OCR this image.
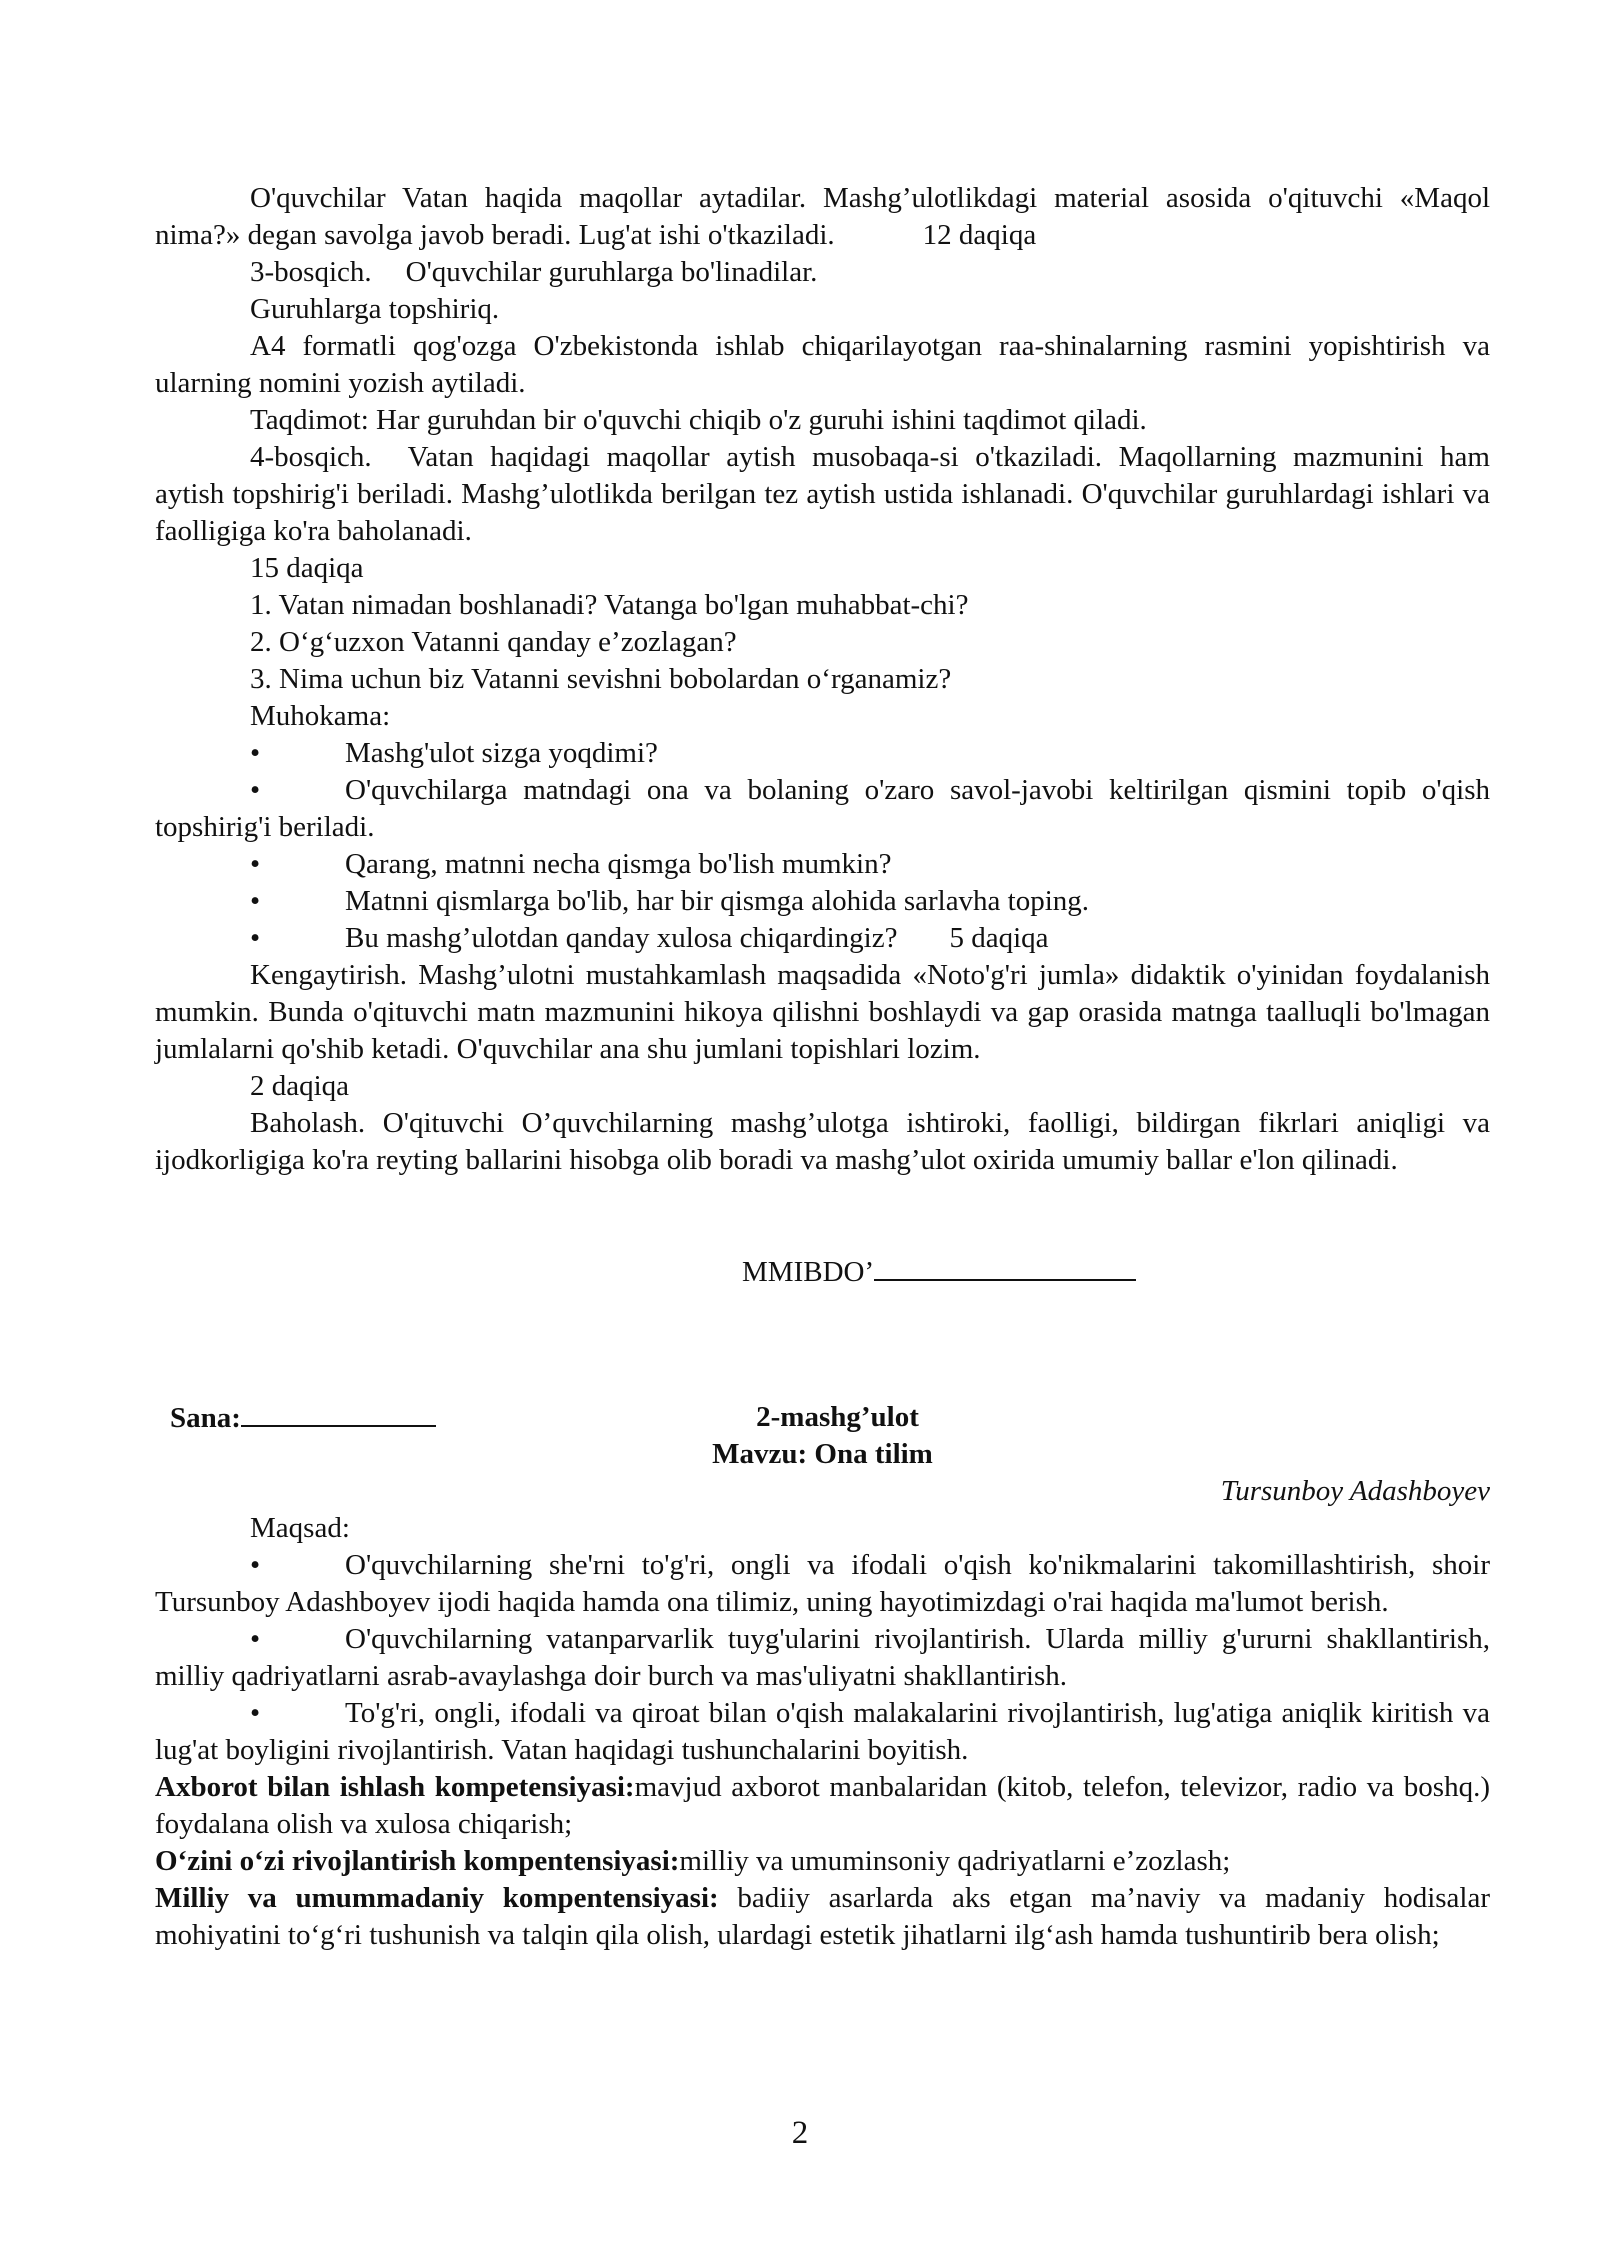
O'quvchilar Vatan haqida maqollar aytadilar. Mashg’ulotlikdagi material asosida o'qituvchi «Maqol nima?» degan savolga javob beradi. Lug'at ishi o'tkaziladi.	12 daqiqa

3-bosqich. O'quvchilar guruhlarga bo'linadilar.

Guruhlarga topshiriq.

A4 formatli qog'ozga O'zbekistonda ishlab chiqarilayotgan raa-shinalarning rasmini yopishtirish va ularning nomini yozish aytiladi.

Taqdimot: Har guruhdan bir o'quvchi chiqib o'z guruhi ishini taqdimot qiladi.

4-bosqich. Vatan haqidagi maqollar aytish musobaqa-si o'tkaziladi. Maqollarning mazmunini ham aytish topshirig'i beriladi. Mashg’ulotlikda berilgan tez aytish ustida ishlanadi. O'quvchilar guruhlardagi ishlari va faolligiga ko'ra baholanadi.

15 daqiqa

1. Vatan nimadan boshlanadi? Vatanga bo'lgan muhabbat-chi?

2. O‘g‘uzxon Vatanni qanday e’zozlagan?

3. Nima uchun biz Vatanni sevishni bobolardan o‘rganamiz?

Muhokama:

•	Mashg'ulot sizga yoqdimi?

•	O'quvchilarga matndagi ona va bolaning o'zaro savol-javobi keltirilgan qismini topib o'qish topshirig'i beriladi.

•	Qarang, matnni necha qismga bo'lish mumkin?

•	Matnni qismlarga bo'lib, har bir qismga alohida sarlavha toping.

•	Bu mashg’ulotdan qanday xulosa chiqardingiz? 5 daqiqa

Kengaytirish. Mashg’ulotni mustahkamlash maqsadida «Noto'g'ri jumla» didaktik o'yinidan foydalanish mumkin. Bunda o'qituvchi matn mazmunini hikoya qilishni boshlaydi va gap orasida matnga taalluqli bo'lmagan jumlalarni qo'shib ketadi. O'quvchilar ana shu jumlani topishlari lozim.

2 daqiqa

Baholash. O'qituvchi O’quvchilarning mashg’ulotga ishtiroki, faolligi, bildirgan fikrlari aniqligi va ijodkorligiga ko'ra reyting ballarini hisobga olib boradi va mashg’ulot oxirida umumiy ballar e'lon qilinadi.

MMIBDO’

Sana:	2-mashg’ulot

Mavzu: Ona tilim

Tursunboy Adashboyev

Maqsad:

•	O'quvchilarning she'rni to'g'ri, ongli va ifodali o'qish ko'nikmalarini takomillashtirish, shoir Tursunboy Adashboyev ijodi haqida hamda ona tilimiz, uning hayotimizdagi o'rai haqida ma'lumot berish.

•	O'quvchilarning vatanparvarlik tuyg'ularini rivojlantirish. Ularda milliy g'ururni shakllantirish, milliy qadriyatlarni asrab-avaylashga doir burch va mas'uliyatni shakllantirish.

•	To'g'ri, ongli, ifodali va qiroat bilan o'qish malakalarini rivojlantirish, lug'atiga aniqlik kiritish va lug'at boyligini rivojlantirish. Vatan haqidagi tushunchalarini boyitish.

Axborot bilan ishlash kompetensiyasi:mavjud axborot manbalaridan (kitob, telefon, televizor, radio va boshq.) foydalana olish va xulosa chiqarish;

O‘zini o‘zi rivojlantirish kompentensiyasi:milliy va umuminsoniy qadriyatlarni e’zozlash;

Milliy va umummadaniy kompentensiyasi: badiiy asarlarda aks etgan ma’naviy va madaniy hodisalar mohiyatini to‘g‘ri tushunish va talqin qila olish, ulardagi estetik jihatlarni ilg‘ash hamda tushuntirib bera olish;

2
